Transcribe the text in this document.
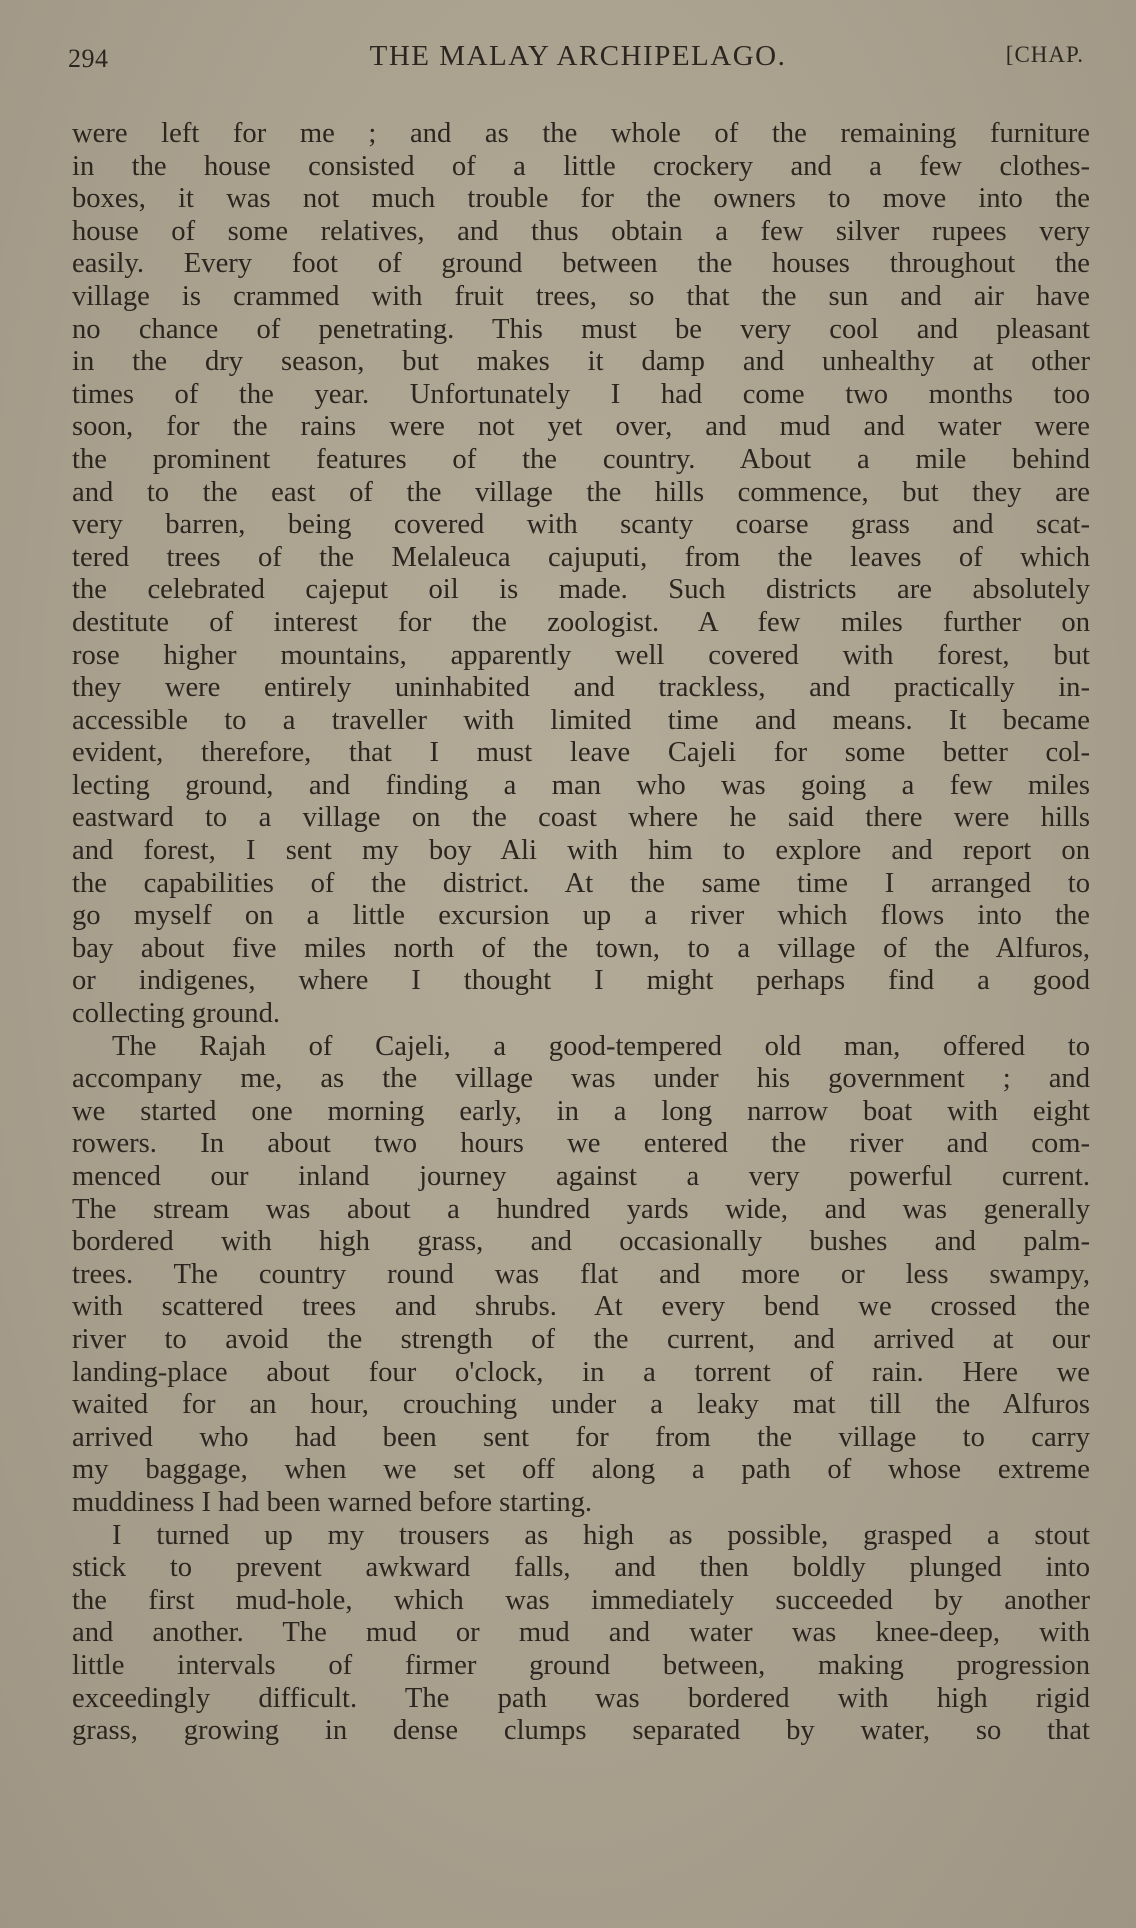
294	THE MALAY ARCHIPELAGO.	[CHAP.
were left for me ; and as the whole of the remaining furniture
in the house consisted of a little crockery and a few clothes-
boxes, it was not much trouble for the owners to move into the
house of some relatives, and thus obtain a few silver rupees very
easily. Every foot of ground between the houses throughout the
village is crammed with fruit trees, so that the sun and air have
no chance of penetrating. This must be very cool and pleasant
in the dry season, but makes it damp and unhealthy at other
times of the year. Unfortunately I had come two months too
soon, for the rains were not yet over, and mud and water were
the prominent features of the country. About a mile behind
and to the east of the village the hills commence, but they are
very barren, being covered with scanty coarse grass and scat-
tered trees of the Melaleuca cajuputi, from the leaves of which
the celebrated cajeput oil is made. Such districts are absolutely
destitute of interest for the zoologist. A few miles further on
rose higher mountains, apparently well covered with forest, but
they were entirely uninhabited and trackless, and practically in-
accessible to a traveller with limited time and means. It became
evident, therefore, that I must leave Cajeli for some better col-
lecting ground, and finding a man who was going a few miles
eastward to a village on the coast where he said there were hills
and forest, I sent my boy Ali with him to explore and report on
the capabilities of the district. At the same time I arranged to
go myself on a little excursion up a river which flows into the
bay about five miles north of the town, to a village of the Alfuros,
or indigenes, where I thought I might perhaps find a good
collecting ground.
The Rajah of Cajeli, a good-tempered old man, offered to
accompany me, as the village was under his government ; and
we started one morning early, in a long narrow boat with eight
rowers. In about two hours we entered the river and com-
menced our inland journey against a very powerful current.
The stream was about a hundred yards wide, and was generally
bordered with high grass, and occasionally bushes and palm-
trees. The country round was flat and more or less swampy,
with scattered trees and shrubs. At every bend we crossed the
river to avoid the strength of the current, and arrived at our
landing-place about four o'clock, in a torrent of rain. Here we
waited for an hour, crouching under a leaky mat till the Alfuros
arrived who had been sent for from the village to carry
my baggage, when we set off along a path of whose extreme
muddiness I had been warned before starting.
I turned up my trousers as high as possible, grasped a stout
stick to prevent awkward falls, and then boldly plunged into
the first mud-hole, which was immediately succeeded by another
and another. The mud or mud and water was knee-deep, with
little intervals of firmer ground between, making progression
exceedingly difficult. The path was bordered with high rigid
grass, growing in dense clumps separated by water, so that
